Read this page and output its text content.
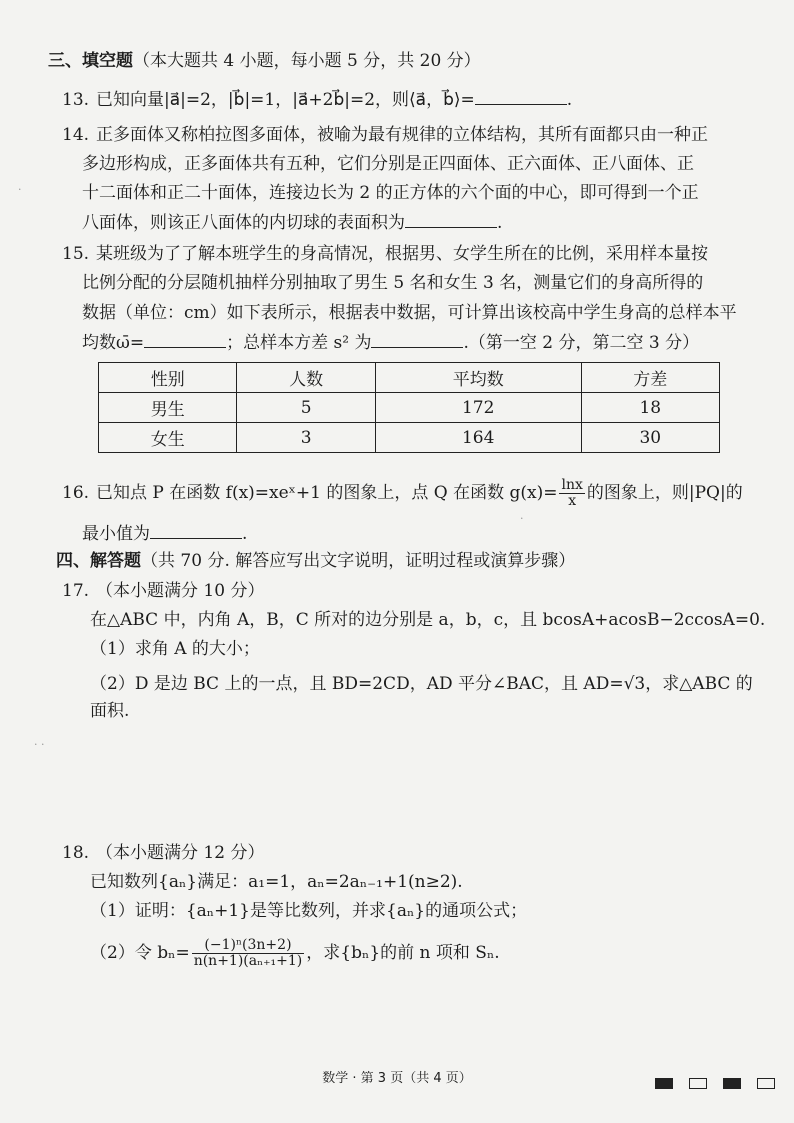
三、填空题（本大题共 4 小题，每小题 5 分，共 20 分）
13. 已知向量|a⃗|=2，|b⃗|=1，|a⃗+2b⃗|=2，则⟨a⃗，b⃗⟩=	.
14. 正多面体又称柏拉图多面体，被喻为最有规律的立体结构，其所有面都只由一种正
多边形构成，正多面体共有五种，它们分别是正四面体、正六面体、正八面体、正
十二面体和正二十面体，连接边长为 2 的正方体的六个面的中心，即可得到一个正
八面体，则该正八面体的内切球的表面积为	.
15. 某班级为了了解本班学生的身高情况，根据男、女学生所在的比例，采用样本量按
比例分配的分层随机抽样分别抽取了男生 5 名和女生 3 名，测量它们的身高所得的
数据（单位：cm）如下表所示，根据表中数据，可计算出该校高中学生身高的总样本平
均数ω̄=	；总样本方差 s² 为	.（第一空 2 分，第二空 3 分）
性别	人数	平均数	方差
男生	5	172	18
女生	3	164	30
16. 已知点 P 在函数 f(x)=xeˣ+1 的图象上，点 Q 在函数 $g(x)= \frac{\ln x}{x}$ 的图象上，则|PQ|的
最小值为	.
四、解答题（共 70 分. 解答应写出文字说明，证明过程或演算步骤）
17. （本小题满分 10 分）
在△ABC 中，内角 A，B，C 所对的边分别是 a，b，c，且 bcosA+acosB−2ccosA=0.
（1）求角 A 的大小；
（2）D 是边 BC 上的一点，且 BD=2CD，AD 平分∠BAC，且 AD=√3，求△ABC 的
面积.
18. （本小题满分 12 分）
已知数列{aₙ}满足：a₁=1，aₙ=2aₙ₋₁+1(n≥2).
（1）证明：{aₙ+1}是等比数列，并求{aₙ}的通项公式；
（2）令 $b_n= \frac{\text{(−1)ⁿ(3n+2)}}{\text{n(n+1)(aₙ₊₁+1)}}$ ，求{bₙ}的前 n 项和 Sₙ.
·
· ·
·
数学 · 第 3 页（共 4 页）
